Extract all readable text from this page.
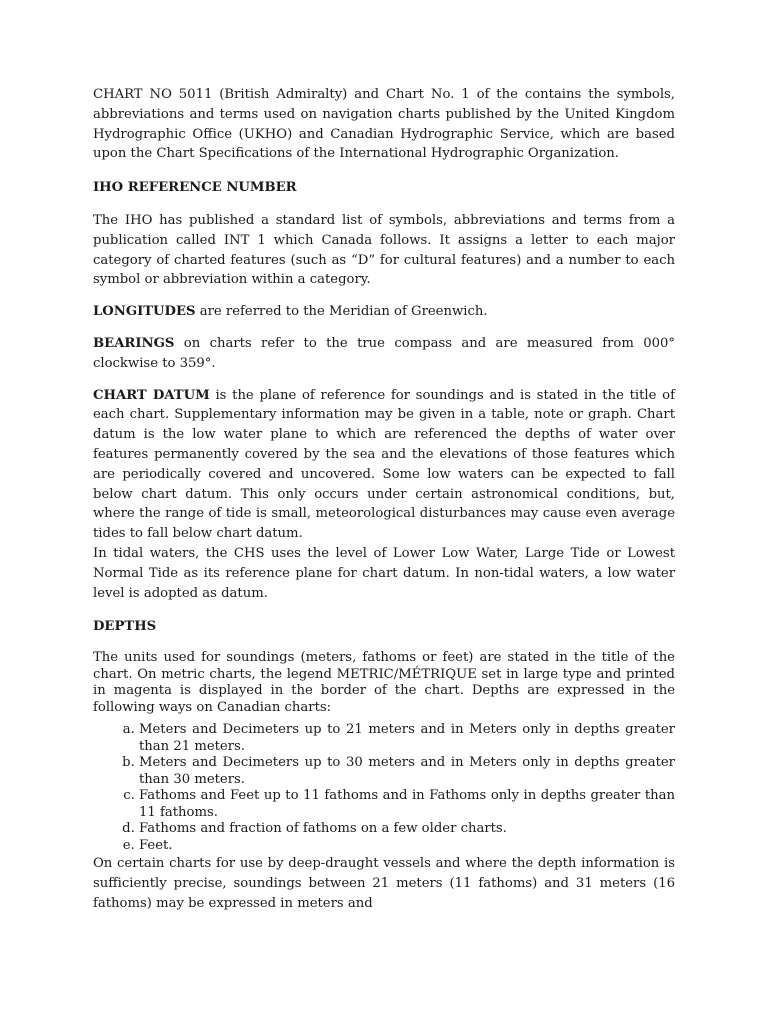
CHART NO 5011 (British Admiralty) and Chart No. 1 of the contains the symbols, abbreviations and terms used on navigation charts published by the United Kingdom Hydrographic Office (UKHO) and Canadian Hydrographic Service, which are based upon the Chart Specifications of the International Hydrographic Organization.

IHO REFERENCE NUMBER

The IHO has published a standard list of symbols, abbreviations and terms from a publication called INT 1 which Canada follows. It assigns a letter to each major category of charted features (such as “D” for cultural features) and a number to each symbol or abbreviation within a category.

LONGITUDES are referred to the Meridian of Greenwich.

BEARINGS on charts refer to the true compass and are measured from 000° clockwise to 359°.

CHART DATUM is the plane of reference for soundings and is stated in the title of each chart. Supplementary information may be given in a table, note or graph. Chart datum is the low water plane to which are referenced the depths of water over features permanently covered by the sea and the elevations of those features which are periodically covered and uncovered. Some low waters can be expected to fall below chart datum. This only occurs under certain astronomical conditions, but, where the range of tide is small, meteorological disturbances may cause even average tides to fall below chart datum.

In tidal waters, the CHS uses the level of Lower Low Water, Large Tide or Lowest Normal Tide as its reference plane for chart datum. In non-tidal waters, a low water level is adopted as datum.

DEPTHS

The units used for soundings (meters, fathoms or feet) are stated in the title of the chart. On metric charts, the legend METRIC/MÉTRIQUE set in large type and printed in magenta is displayed in the border of the chart. Depths are expressed in the following ways on Canadian charts:

a. Meters and Decimeters up to 21 meters and in Meters only in depths greater than 21 meters.
b. Meters and Decimeters up to 30 meters and in Meters only in depths greater than 30 meters.
c. Fathoms and Feet up to 11 fathoms and in Fathoms only in depths greater than 11 fathoms.
d. Fathoms and fraction of fathoms on a few older charts.
e. Feet.

On certain charts for use by deep-draught vessels and where the depth information is sufficiently precise, soundings between 21 meters (11 fathoms) and 31 meters (16 fathoms) may be expressed in meters and
